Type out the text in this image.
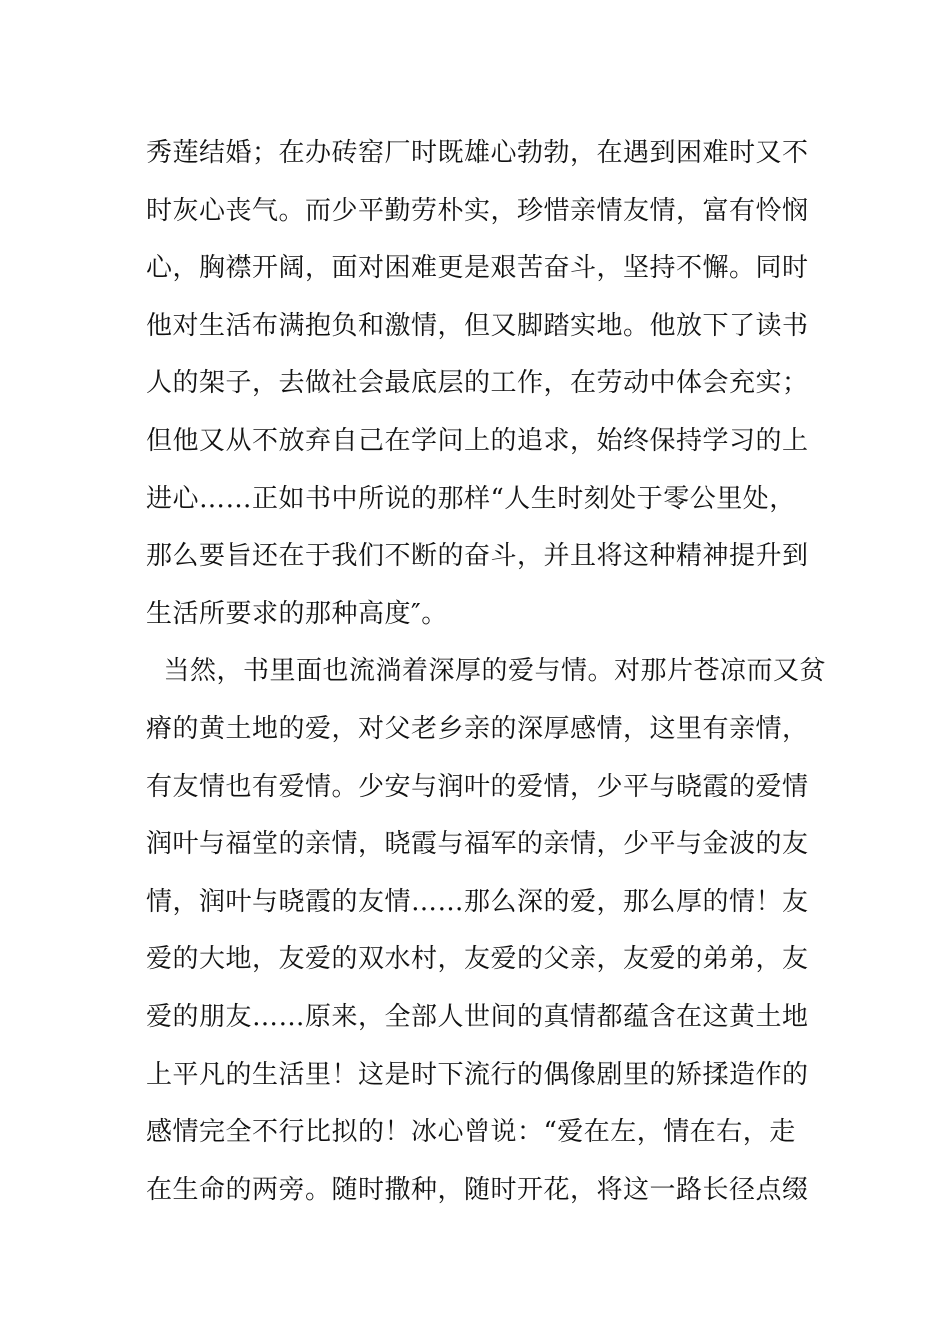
秀莲结婚；在办砖窑厂时既雄心勃勃，在遇到困难时又不
时灰心丧气。而少平勤劳朴实，珍惜亲情友情，富有怜悯
心，胸襟开阔，面对困难更是艰苦奋斗，坚持不懈。同时
他对生活布满抱负和激情，但又脚踏实地。他放下了读书
人的架子，去做社会最底层的工作，在劳动中体会充实；
但他又从不放弃自己在学问上的追求，始终保持学习的上
进心……正如书中所说的那样“人生时刻处于零公里处，
那么要旨还在于我们不断的奋斗，并且将这种精神提升到
生活所要求的那种高度″。
当然，书里面也流淌着深厚的爱与情。对那片苍凉而又贫
瘠的黄土地的爱，对父老乡亲的深厚感情，这里有亲情，
有友情也有爱情。少安与润叶的爱情，少平与晓霞的爱情
润叶与福堂的亲情，晓霞与福军的亲情，少平与金波的友
情，润叶与晓霞的友情……那么深的爱，那么厚的情！友
爱的大地，友爱的双水村，友爱的父亲，友爱的弟弟，友
爱的朋友……原来，全部人世间的真情都蕴含在这黄土地
上平凡的生活里！这是时下流行的偶像剧里的矫揉造作的
感情完全不行比拟的！冰心曾说：“爱在左，情在右，走
在生命的两旁。随时撒种，随时开花，将这一路长径点缀
